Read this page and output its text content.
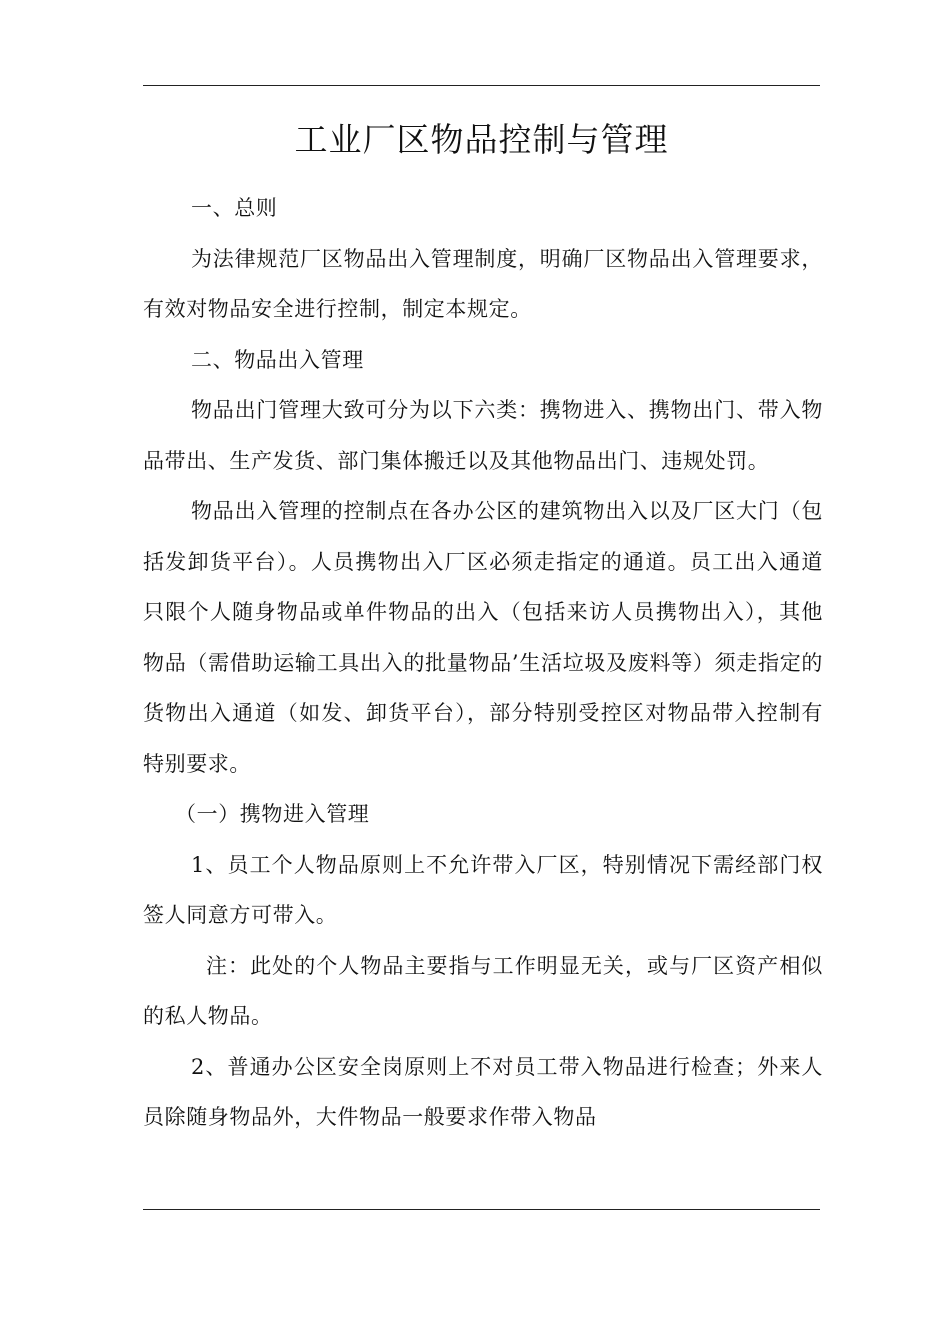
工业厂区物品控制与管理

一、总则

为法律规范厂区物品出入管理制度，明确厂区物品出入管理要求，有效对物品安全进行控制，制定本规定。

二、物品出入管理

物品出门管理大致可分为以下六类：携物进入、携物出门、带入物品带出、生产发货、部门集体搬迁以及其他物品出门、违规处罚。

物品出入管理的控制点在各办公区的建筑物出入以及厂区大门（包括发卸货平台）。人员携物出入厂区必须走指定的通道。员工出入通道只限个人随身物品或单件物品的出入（包括来访人员携物出入），其他物品（需借助运输工具出入的批量物品’生活垃圾及废料等）须走指定的货物出入通道（如发、卸货平台），部分特别受控区对物品带入控制有特别要求。

（一）携物进入管理

1、员工个人物品原则上不允许带入厂区，特别情况下需经部门权签人同意方可带入。

注：此处的个人物品主要指与工作明显无关，或与厂区资产相似的私人物品。

2、普通办公区安全岗原则上不对员工带入物品进行检查；外来人员除随身物品外，大件物品一般要求作带入物品
